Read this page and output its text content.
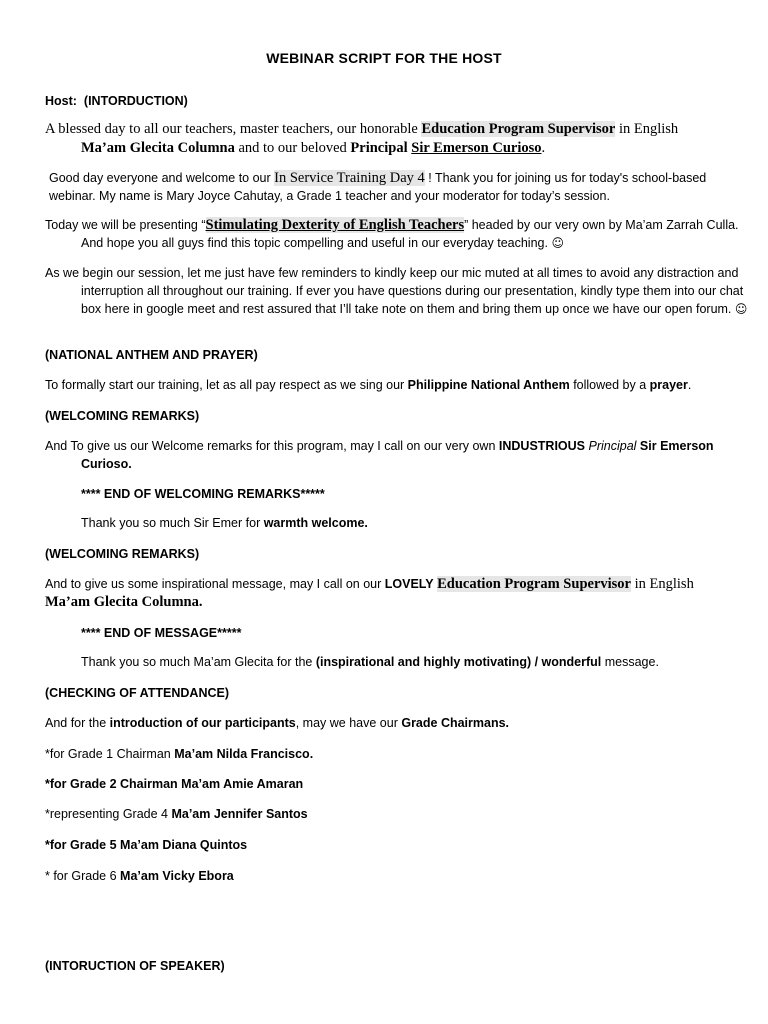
WEBINAR SCRIPT FOR THE HOST
Host: (INTORDUCTION)
A blessed day to all our teachers, master teachers, our honorable Education Program Supervisor in English
Ma’am Glecita Columna and to our beloved Principal Sir Emerson Curioso.
Good day everyone and welcome to our In Service Training Day 4 ! Thank you for joining us for today's school-based webinar. My name is Mary Joyce Cahutay, a Grade 1 teacher and your moderator for today’s session.
Today we will be presenting “Stimulating Dexterity of English Teachers” headed by our very own by Ma’am Zarrah Culla. And hope you all guys find this topic compelling and useful in our everyday teaching. ☺
As we begin our session, let me just have few reminders to kindly keep our mic muted at all times to avoid any distraction and interruption all throughout our training. If ever you have questions during our presentation, kindly type them into our chat box here in google meet and rest assured that I’ll take note on them and bring them up once we have our open forum. ☺
(NATIONAL ANTHEM AND PRAYER)
To formally start our training, let as all pay respect as we sing our Philippine National Anthem followed by a prayer.
(WELCOMING REMARKS)
And To give us our Welcome remarks for this program, may I call on our very own INDUSTRIOUS Principal Sir Emerson Curioso.
**** END OF WELCOMING REMARKS*****
Thank you so much Sir Emer for warmth welcome.
(WELCOMING REMARKS)
And to give us some inspirational message, may I call on our LOVELY Education Program Supervisor in English
Ma’am Glecita Columna.
**** END OF MESSAGE*****
Thank you so much Ma’am Glecita for the (inspirational and highly motivating) / wonderful message.
(CHECKING OF ATTENDANCE)
And for the introduction of our participants, may we have our Grade Chairmans.
*for Grade 1 Chairman Ma’am Nilda Francisco.
*for Grade 2 Chairman Ma’am Amie Amaran
*representing Grade 4 Ma’am Jennifer Santos
*for Grade 5 Ma’am Diana Quintos
* for Grade 6 Ma’am Vicky Ebora
(INTORUCTION OF SPEAKER)
